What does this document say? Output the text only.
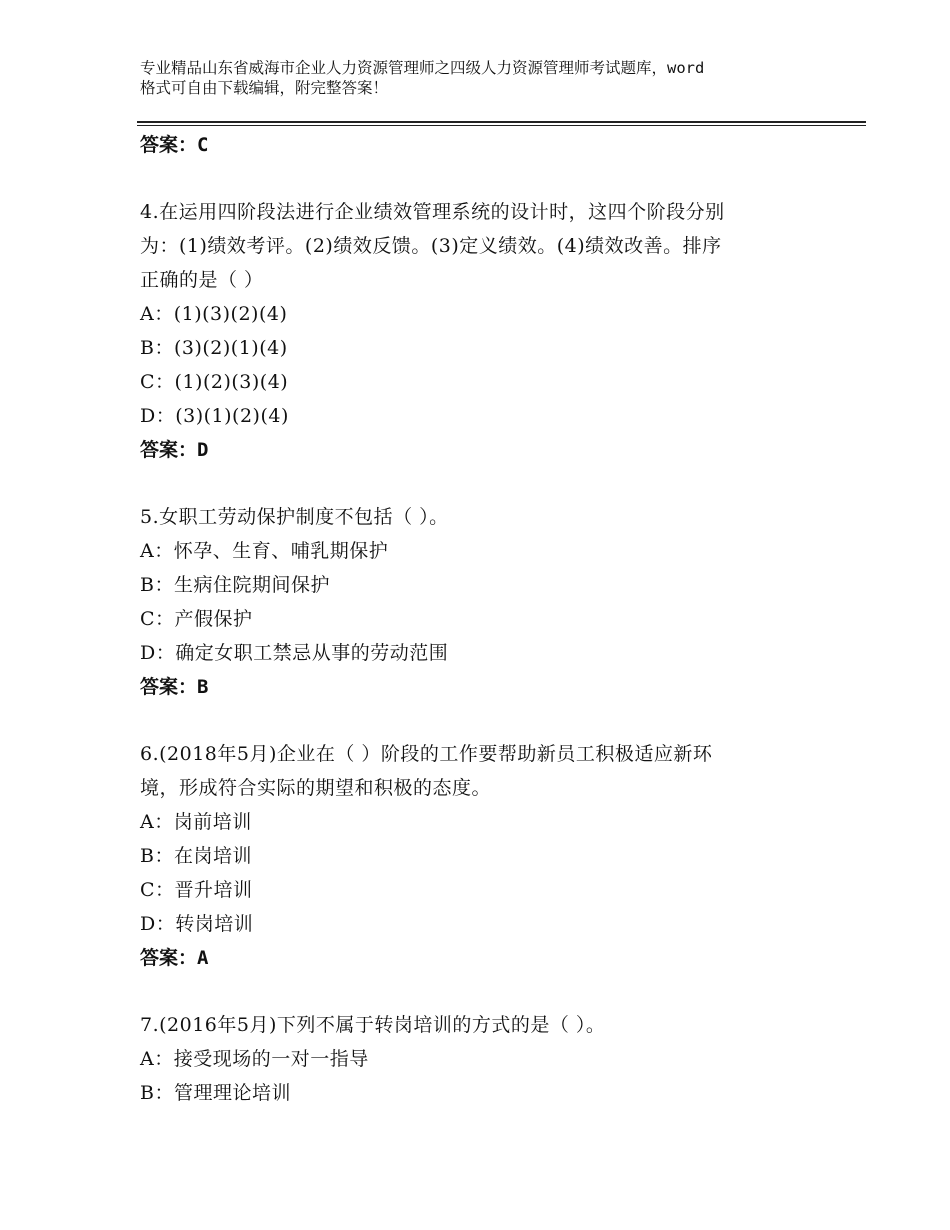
专业精品山东省威海市企业人力资源管理师之四级人力资源管理师考试题库，word
格式可自由下载编辑，附完整答案！
答案：C
4.在运用四阶段法进行企业绩效管理系统的设计时，这四个阶段分别
为：(1)绩效考评。(2)绩效反馈。(3)定义绩效。(4)绩效改善。排序
正确的是（ ）
A：(1)(3)(2)(4)
B：(3)(2)(1)(4)
C：(1)(2)(3)(4)
D：(3)(1)(2)(4)
答案：D
5.女职工劳动保护制度不包括（ ）。
A：怀孕、生育、哺乳期保护
B：生病住院期间保护
C：产假保护
D：确定女职工禁忌从事的劳动范围
答案：B
6.(2018年5月)企业在（ ）阶段的工作要帮助新员工积极适应新环
境，形成符合实际的期望和积极的态度。
A：岗前培训
B：在岗培训
C：晋升培训
D：转岗培训
答案：A
7.(2016年5月)下列不属于转岗培训的方式的是（ ）。
A：接受现场的一对一指导
B：管理理论培训
